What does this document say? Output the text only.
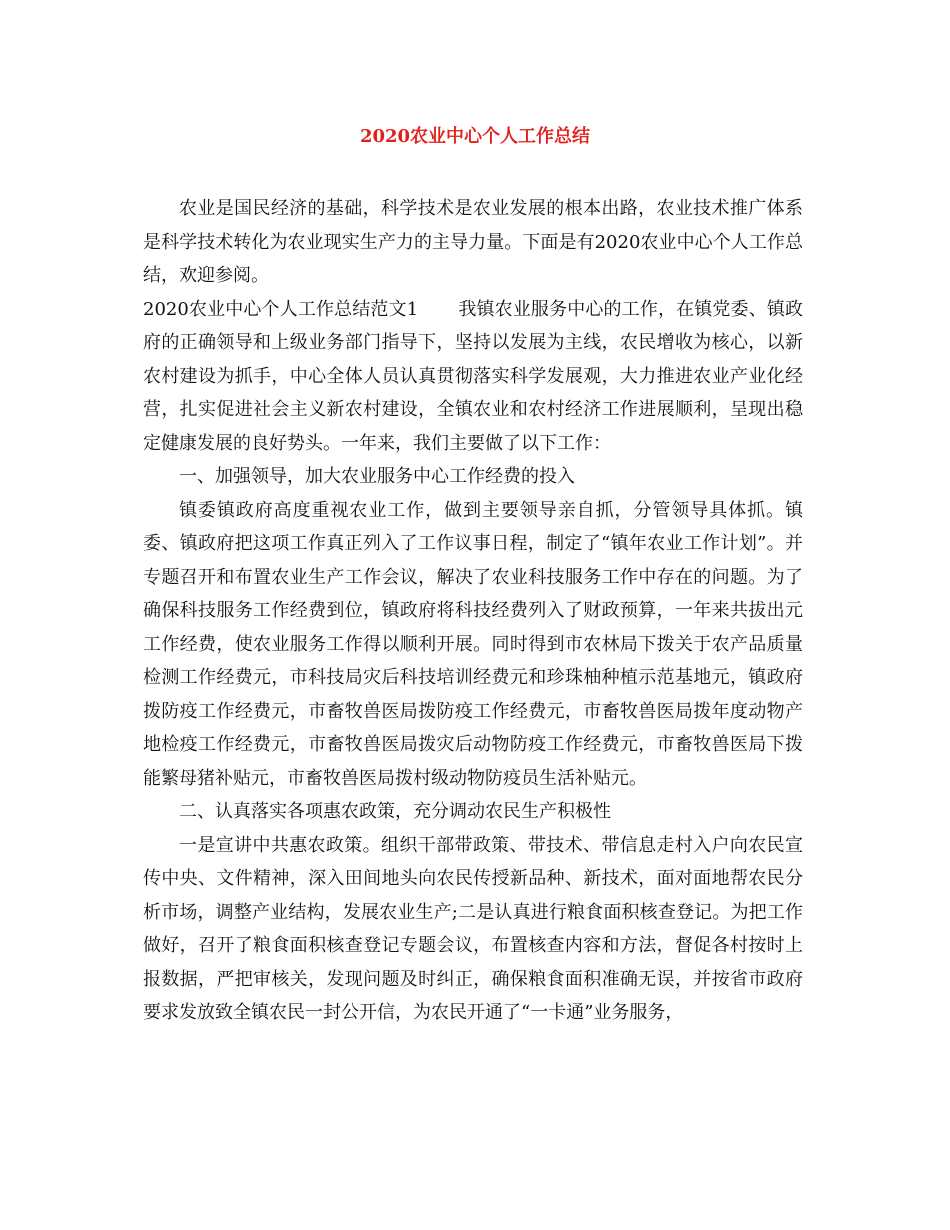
2020农业中心个人工作总结

农业是国民经济的基础，科学技术是农业发展的根本出路，农业技术推广体系是科学技术转化为农业现实生产力的主导力量。下面是有2020农业中心个人工作总结，欢迎参阅。

2020农业中心个人工作总结范文1 我镇农业服务中心的工作，在镇党委、镇政府的正确领导和上级业务部门指导下，坚持以发展为主线，农民增收为核心，以新农村建设为抓手，中心全体人员认真贯彻落实科学发展观，大力推进农业产业化经营，扎实促进社会主义新农村建设，全镇农业和农村经济工作进展顺利，呈现出稳定健康发展的良好势头。一年来，我们主要做了以下工作：

一、加强领导，加大农业服务中心工作经费的投入

镇委镇政府高度重视农业工作，做到主要领导亲自抓，分管领导具体抓。镇委、镇政府把这项工作真正列入了工作议事日程，制定了“镇年农业工作计划”。并专题召开和布置农业生产工作会议，解决了农业科技服务工作中存在的问题。为了确保科技服务工作经费到位，镇政府将科技经费列入了财政预算，一年来共拔出元工作经费，使农业服务工作得以顺利开展。同时得到市农林局下拨关于农产品质量检测工作经费元，市科技局灾后科技培训经费元和珍珠柚种植示范基地元，镇政府拨防疫工作经费元，市畜牧兽医局拨防疫工作经费元，市畜牧兽医局拨年度动物产地检疫工作经费元，市畜牧兽医局拨灾后动物防疫工作经费元，市畜牧兽医局下拨能繁母猪补贴元，市畜牧兽医局拨村级动物防疫员生活补贴元。

二、认真落实各项惠农政策，充分调动农民生产积极性

一是宣讲中共惠农政策。组织干部带政策、带技术、带信息走村入户向农民宣传中央、文件精神，深入田间地头向农民传授新品种、新技术，面对面地帮农民分析市场，调整产业结构，发展农业生产;二是认真进行粮食面积核查登记。为把工作做好，召开了粮食面积核查登记专题会议，布置核查内容和方法，督促各村按时上报数据，严把审核关，发现问题及时纠正，确保粮食面积准确无误，并按省市政府要求发放致全镇农民一封公开信，为农民开通了“一卡通”业务服务，
